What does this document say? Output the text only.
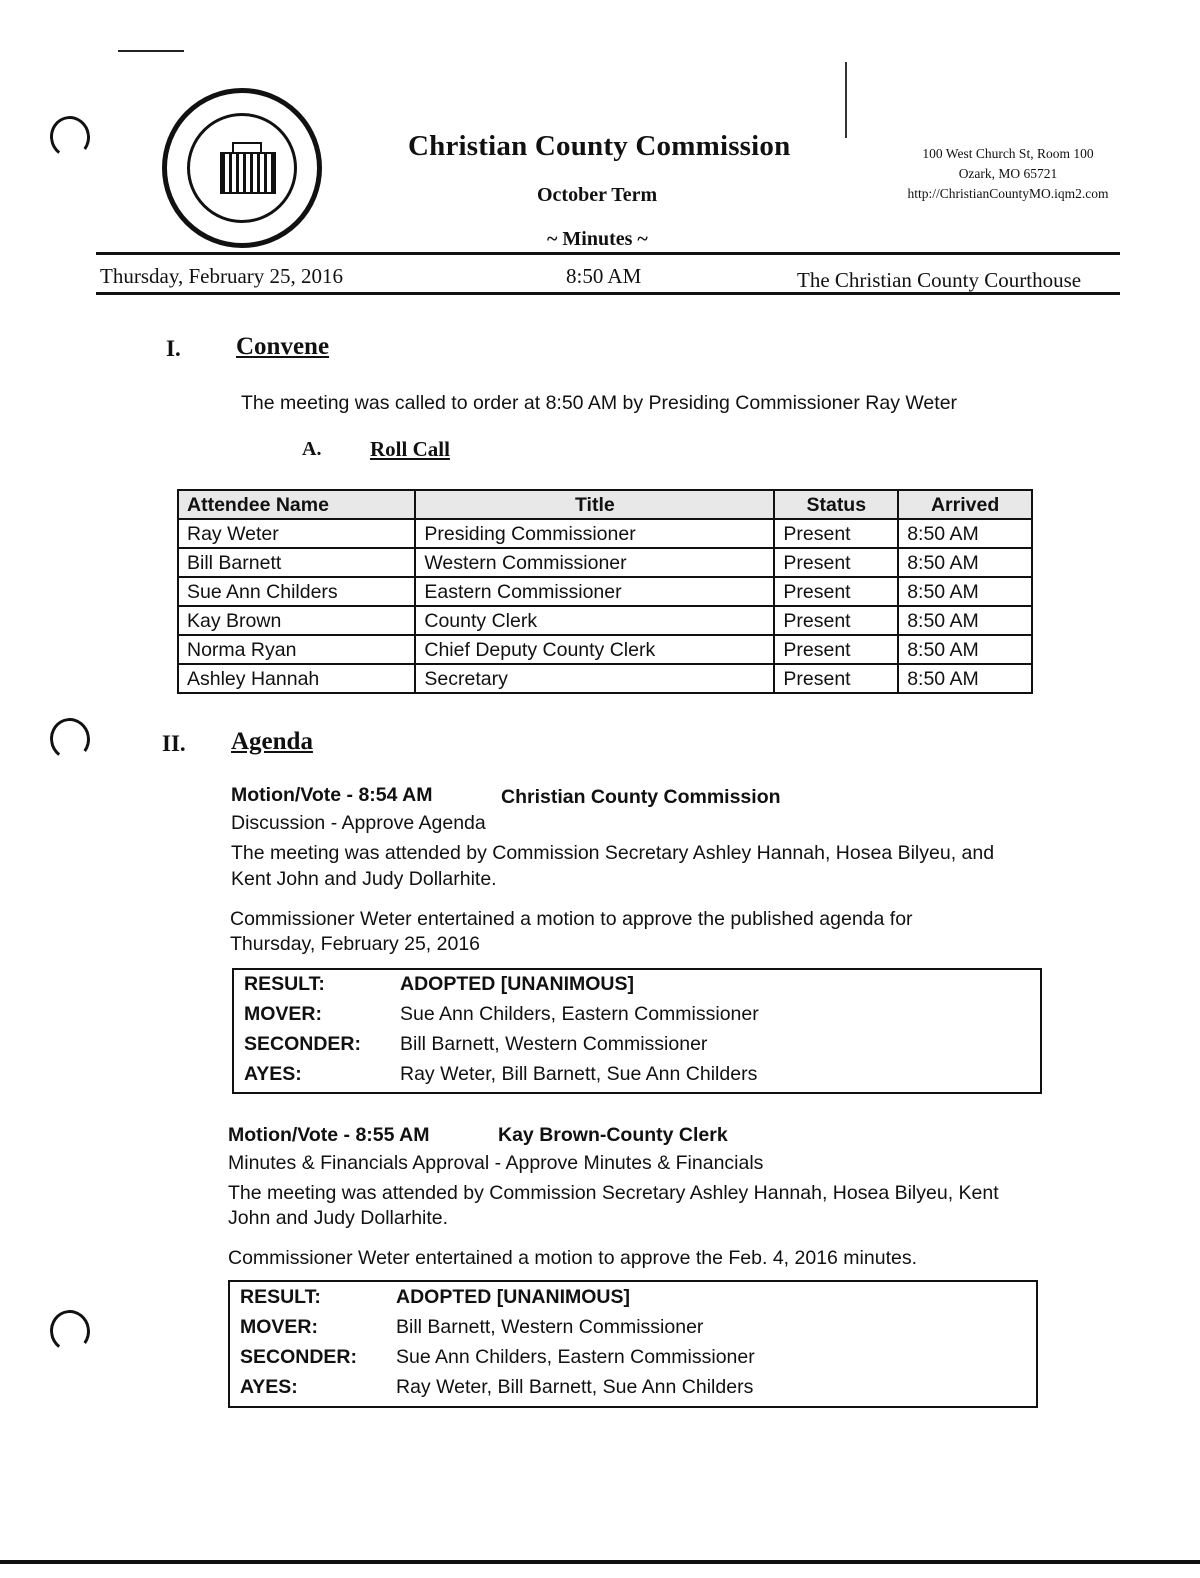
Christian County Commission
October Term
~ Minutes ~
100 West Church St, Room 100
Ozark, MO 65721
http://ChristianCountyMO.iqm2.com
Thursday, February 25, 2016	8:50 AM	The Christian County Courthouse
I. Convene
The meeting was called to order at 8:50 AM by Presiding Commissioner Ray Weter
A. Roll Call
Attendee Name	Title	Status	Arrived
Ray Weter	Presiding Commissioner	Present	8:50 AM
Bill Barnett	Western Commissioner	Present	8:50 AM
Sue Ann Childers	Eastern Commissioner	Present	8:50 AM
Kay Brown	County Clerk	Present	8:50 AM
Norma Ryan	Chief Deputy County Clerk	Present	8:50 AM
Ashley Hannah	Secretary	Present	8:50 AM
II. Agenda
Motion/Vote - 8:54 AM	Christian County Commission
Discussion - Approve Agenda
The meeting was attended by Commission Secretary Ashley Hannah, Hosea Bilyeu, and
Kent John and Judy Dollarhite.
Commissioner Weter entertained a motion to approve the published agenda for
Thursday, February 25, 2016
RESULT:	ADOPTED [UNANIMOUS]
MOVER:	Sue Ann Childers, Eastern Commissioner
SECONDER: Bill Barnett, Western Commissioner
AYES:	Ray Weter, Bill Barnett, Sue Ann Childers
Motion/Vote - 8:55 AM	Kay Brown-County Clerk
Minutes & Financials Approval - Approve Minutes & Financials
The meeting was attended by Commission Secretary Ashley Hannah, Hosea Bilyeu, Kent
John and Judy Dollarhite.
Commissioner Weter entertained a motion to approve the Feb. 4, 2016 minutes.
RESULT:	ADOPTED [UNANIMOUS]
MOVER:	Bill Barnett, Western Commissioner
SECONDER: Sue Ann Childers, Eastern Commissioner
AYES:	Ray Weter, Bill Barnett, Sue Ann Childers
